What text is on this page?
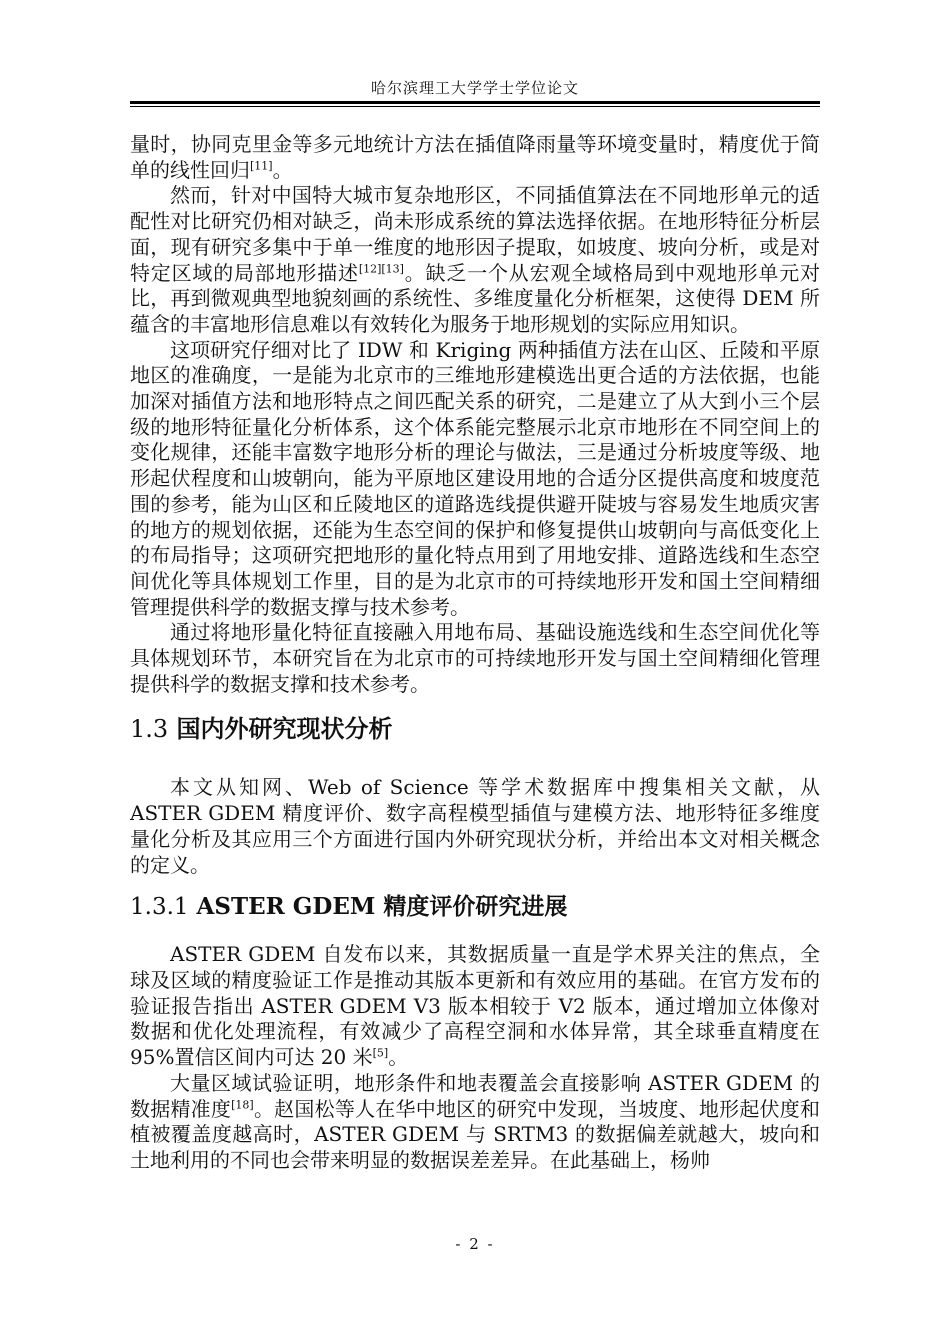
哈尔滨理工大学学士学位论文

量时，协同克里金等多元地统计方法在插值降雨量等环境变量时，精度优于简单的线性回归[11]。

然而，针对中国特大城市复杂地形区，不同插值算法在不同地形单元的适配性对比研究仍相对缺乏，尚未形成系统的算法选择依据。在地形特征分析层面，现有研究多集中于单一维度的地形因子提取，如坡度、坡向分析，或是对特定区域的局部地形描述[12][13]。缺乏一个从宏观全域格局到中观地形单元对比，再到微观典型地貌刻画的系统性、多维度量化分析框架，这使得 DEM 所蕴含的丰富地形信息难以有效转化为服务于地形规划的实际应用知识。

这项研究仔细对比了 IDW 和 Kriging 两种插值方法在山区、丘陵和平原地区的准确度，一是能为北京市的三维地形建模选出更合适的方法依据，也能加深对插值方法和地形特点之间匹配关系的研究，二是建立了从大到小三个层级的地形特征量化分析体系，这个体系能完整展示北京市地形在不同空间上的变化规律，还能丰富数字地形分析的理论与做法，三是通过分析坡度等级、地形起伏程度和山坡朝向，能为平原地区建设用地的合适分区提供高度和坡度范围的参考，能为山区和丘陵地区的道路选线提供避开陡坡与容易发生地质灾害的地方的规划依据，还能为生态空间的保护和修复提供山坡朝向与高低变化上的布局指导；这项研究把地形的量化特点用到了用地安排、道路选线和生态空间优化等具体规划工作里，目的是为北京市的可持续地形开发和国土空间精细管理提供科学的数据支撑与技术参考。

通过将地形量化特征直接融入用地布局、基础设施选线和生态空间优化等具体规划环节，本研究旨在为北京市的可持续地形开发与国土空间精细化管理提供科学的数据支撑和技术参考。

1.3 国内外研究现状分析

本文从知网、Web of Science 等学术数据库中搜集相关文献，从 ASTER GDEM 精度评价、数字高程模型插值与建模方法、地形特征多维度量化分析及其应用三个方面进行国内外研究现状分析，并给出本文对相关概念的定义。

1.3.1 ASTER GDEM 精度评价研究进展

ASTER GDEM 自发布以来，其数据质量一直是学术界关注的焦点，全球及区域的精度验证工作是推动其版本更新和有效应用的基础。在官方发布的验证报告指出 ASTER GDEM V3 版本相较于 V2 版本，通过增加立体像对数据和优化处理流程，有效减少了高程空洞和水体异常，其全球垂直精度在 95%置信区间内可达 20 米[5]。

大量区域试验证明，地形条件和地表覆盖会直接影响 ASTER GDEM 的数据精准度[18]。赵国松等人在华中地区的研究中发现，当坡度、地形起伏度和植被覆盖度越高时，ASTER GDEM 与 SRTM3 的数据偏差就越大，坡向和土地利用的不同也会带来明显的数据误差差异。在此基础上，杨帅

- 2 -
